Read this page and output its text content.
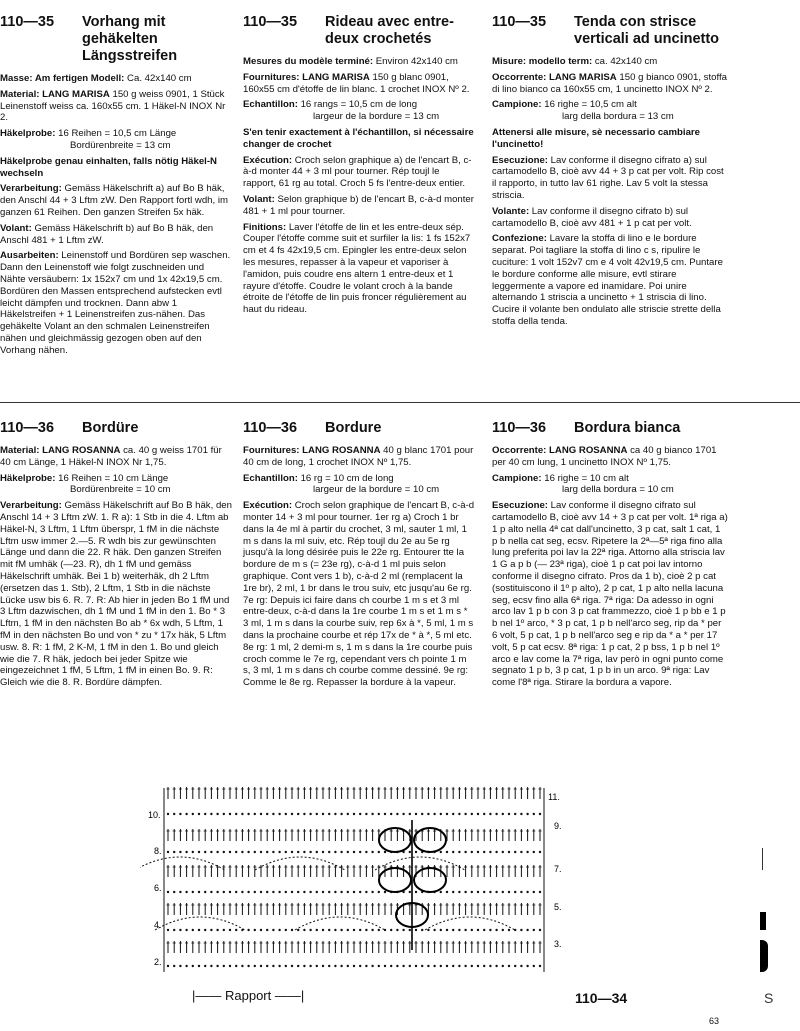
110—35	Vorhang mit gehäkelten Längsstreifen

Masse: Am fertigen Modell: Ca. 42x140 cm

Material: LANG MARISA 150 g weiss 0901, 1 Stück Leinenstoff weiss ca. 160x55 cm. 1 Häkel-N INOX Nr 2.

Häkelprobe: 16 Reihen = 10,5 cm Länge
Bordürenbreite = 13 cm

Häkelprobe genau einhalten, falls nötig Häkel-N wechseln

Verarbeitung: Gemäss Häkelschrift a) auf Bo B häk, den Anschl 44 + 3 Lftm zW. Den Rapport fortl wdh, im ganzen 61 Reihen. Den ganzen Streifen 5x häk.

Volant: Gemäss Häkelschrift b) auf Bo B häk, den Anschl 481 + 1 Lftm zW.

Ausarbeiten: Leinenstoff und Bordüren sep waschen. Dann den Leinenstoff wie folgt zuschneiden und Nähte versäubern: 1x 152x7 cm und 1x 42x19,5 cm. Bordüren den Massen entsprechend aufstecken evtl leicht dämpfen und trocknen. Dann abw 1 Häkelstreifen + 1 Leinenstreifen zus-nähen. Das gehäkelte Volant an den schmalen Leinenstreifen nähen und gleichmässig gezogen oben auf den Vorhang nähen.

110—35	Rideau avec entre-deux crochetés

Mesures du modèle terminé: Environ 42x140 cm

Fournitures: LANG MARISA 150 g blanc 0901, 160x55 cm d'étoffe de lin blanc. 1 crochet INOX Nº 2.

Echantillon: 16 rangs = 10,5 cm de long
largeur de la bordure = 13 cm

S'en tenir exactement à l'échantillon, si nécessaire changer de crochet

Exécution: Croch selon graphique a) de l'encart B, c-à-d monter 44 + 3 ml pour tourner. Rép toujl le rapport, 61 rg au total. Croch 5 fs l'entre-deux entier.

Volant: Selon graphique b) de l'encart B, c-à-d monter 481 + 1 ml pour tourner.

Finitions: Laver l'étoffe de lin et les entre-deux sép. Couper l'étoffe comme suit et surfiler la lis: 1 fs 152x7 cm et 4 fs 42x19,5 cm. Epingler les entre-deux selon les mesures, repasser à la vapeur et vaporiser à l'amidon, puis coudre ens altern 1 entre-deux et 1 rayure d'étoffe. Coudre le volant croch à la bande étroite de l'étoffe de lin puis froncer régulièrement au haut du rideau.

110—35	Tenda con strisce verticali ad uncinetto

Misure: modello term: ca. 42x140 cm

Occorrente: LANG MARISA 150 g bianco 0901, stoffa di lino bianco ca 160x55 cm, 1 uncinetto INOX Nº 2.

Campione: 16 righe = 10,5 cm alt
larg della bordura = 13 cm

Attenersi alle misure, sè necessario cambiare l'uncinetto!

Esecuzione: Lav conforme il disegno cifrato a) sul cartamodello B, cioè avv 44 + 3 p cat per volt. Rip cost il rapporto, in tutto lav 61 righe. Lav 5 volt la stessa striscia.

Volante: Lav conforme il disegno cifrato b) sul cartamodello B, cioè avv 481 + 1 p cat per volt.

Confezione: Lavare la stoffa di lino e le bordure separat. Poi tagliare la stoffa di lino c s, ripulire le cuciture: 1 volt 152v7 cm e 4 volt 42v19,5 cm. Puntare le bordure conforme alle misure, evtl stirare leggermente a vapore ed inamidare. Poi unire alternando 1 striscia a uncinetto + 1 striscia di lino. Cucire il volante ben ondulato alle striscie strette della stoffa della tenda.

110—36	Bordüre

Material: LANG ROSANNA ca. 40 g weiss 1701 für 40 cm Länge, 1 Häkel-N INOX Nr 1,75.

Häkelprobe: 16 Reihen = 10 cm Länge
Bordürenbreite = 10 cm

Verarbeitung: Gemäss Häkelschrift auf Bo B häk, den Anschl 14 + 3 Lftm zW. 1. R a): 1 Stb in die 4. Lftm ab Häkel-N, 3 Lftm, 1 Lftm überspr, 1 fM in die nächste Lftm usw immer 2.—5. R wdh bis zur gewünschten Länge und dann die 22. R häk. Den ganzen Streifen mit fM umhäk (—23. R), dh 1 fM und gemäss Häkelschrift umhäk. Bei 1 b) weiterhäk, dh 2 Lftm (ersetzen das 1. Stb), 2 Lftm, 1 Stb in die nächste Lücke usw bis 6. R. 7. R: Ab hier in jeden Bo 1 fM und 3 Lftm dazwischen, dh 1 fM und 1 fM in den 1. Bo * 3 Lftm, 1 fM in den nächsten Bo ab * 6x wdh, 5 Lftm, 1 fM in den nächsten Bo und von * zu * 17x häk, 5 Lftm usw. 8. R: 1 fM, 2 K-M, 1 fM in den 1. Bo und gleich wie die 7. R häk, jedoch bei jeder Spitze wie eingezeichnet 1 fM, 5 Lftm, 1 fM in einen Bo. 9. R: Gleich wie die 8. R. Bordüre dämpfen.

110—36	Bordure

Fournitures: LANG ROSANNA 40 g blanc 1701 pour 40 cm de long, 1 crochet INOX Nº 1,75.

Echantillon: 16 rg = 10 cm de long
largeur de la bordure = 10 cm

Exécution: Croch selon graphique de l'encart B, c-à-d monter 14 + 3 ml pour tourner. 1er rg a) Croch 1 br dans la 4e ml à partir du crochet, 3 ml, sauter 1 ml, 1 m s dans la ml suiv, etc. Rép toujl du 2e au 5e rg jusqu'à la long désirée puis le 22e rg. Entourer tte la bordure de m s (= 23e rg), c-à-d 1 ml puis selon graphique. Cont vers 1 b), c-à-d 2 ml (remplacent la 1re br), 2 ml, 1 br dans le trou suiv, etc jusqu'au 6e rg. 7e rg: Depuis ici faire dans ch courbe 1 m s et 3 ml entre-deux, c-à-d dans la 1re courbe 1 m s et 1 m s * 3 ml, 1 m s dans la courbe suiv, rep 6x à *, 5 ml, 1 m s dans la prochaine courbe et rép 17x de * à *, 5 ml etc. 8e rg: 1 ml, 2 demi-m s, 1 m s dans la 1re courbe puis croch comme le 7e rg, cependant vers ch pointe 1 m s, 3 ml, 1 m s dans ch courbe comme dessiné. 9e rg: Comme le 8e rg. Repasser la bordure à la vapeur.

110—36	Bordura bianca

Occorrente: LANG ROSANNA ca 40 g bianco 1701 per 40 cm lung, 1 uncinetto INOX Nº 1,75.

Campione: 16 righe = 10 cm alt
larg della bordura = 10 cm

Esecuzione: Lav conforme il disegno cifrato sul cartamodello B, cioè avv 14 + 3 p cat per volt. 1ª riga a) 1 p alto nella 4ª cat dall'uncinetto, 3 p cat, salt 1 cat, 1 p b nella cat seg, ecsv. Ripetere la 2ª—5ª riga fino alla lung preferita poi lav la 22ª riga. Attorno alla striscia lav 1 G a p b (— 23ª riga), cioè 1 p cat poi lav intorno conforme il disegno cifrato. Pros da 1 b), cioè 2 p cat (sostituiscono il 1º p alto), 2 p cat, 1 p alto nella lacuna seg, ecsv fino alla 6ª riga. 7ª riga: Da adesso in ogni arco lav 1 p b con 3 p cat frammezzo, cioè 1 p bb e 1 p b nel 1º arco, * 3 p cat, 1 p b nell'arco seg, rip da * per 6 volt, 5 p cat, 1 p b nell'arco seg e rip da * a * per 17 volt, 5 p cat ecsv. 8ª riga: 1 p cat, 2 p bss, 1 p b nel 1º arco e lav come la 7ª riga, lav però in ogni punto come segnato 1 p b, 3 p cat, 1 p b in un arco. 9ª riga: Lav come l'8ª riga. Stirare la bordura a vapore.

10.
8.
6.
4.
2.
11.
9.
7.
5.
3.
|—— Rapport ——|	110—34
63
S
